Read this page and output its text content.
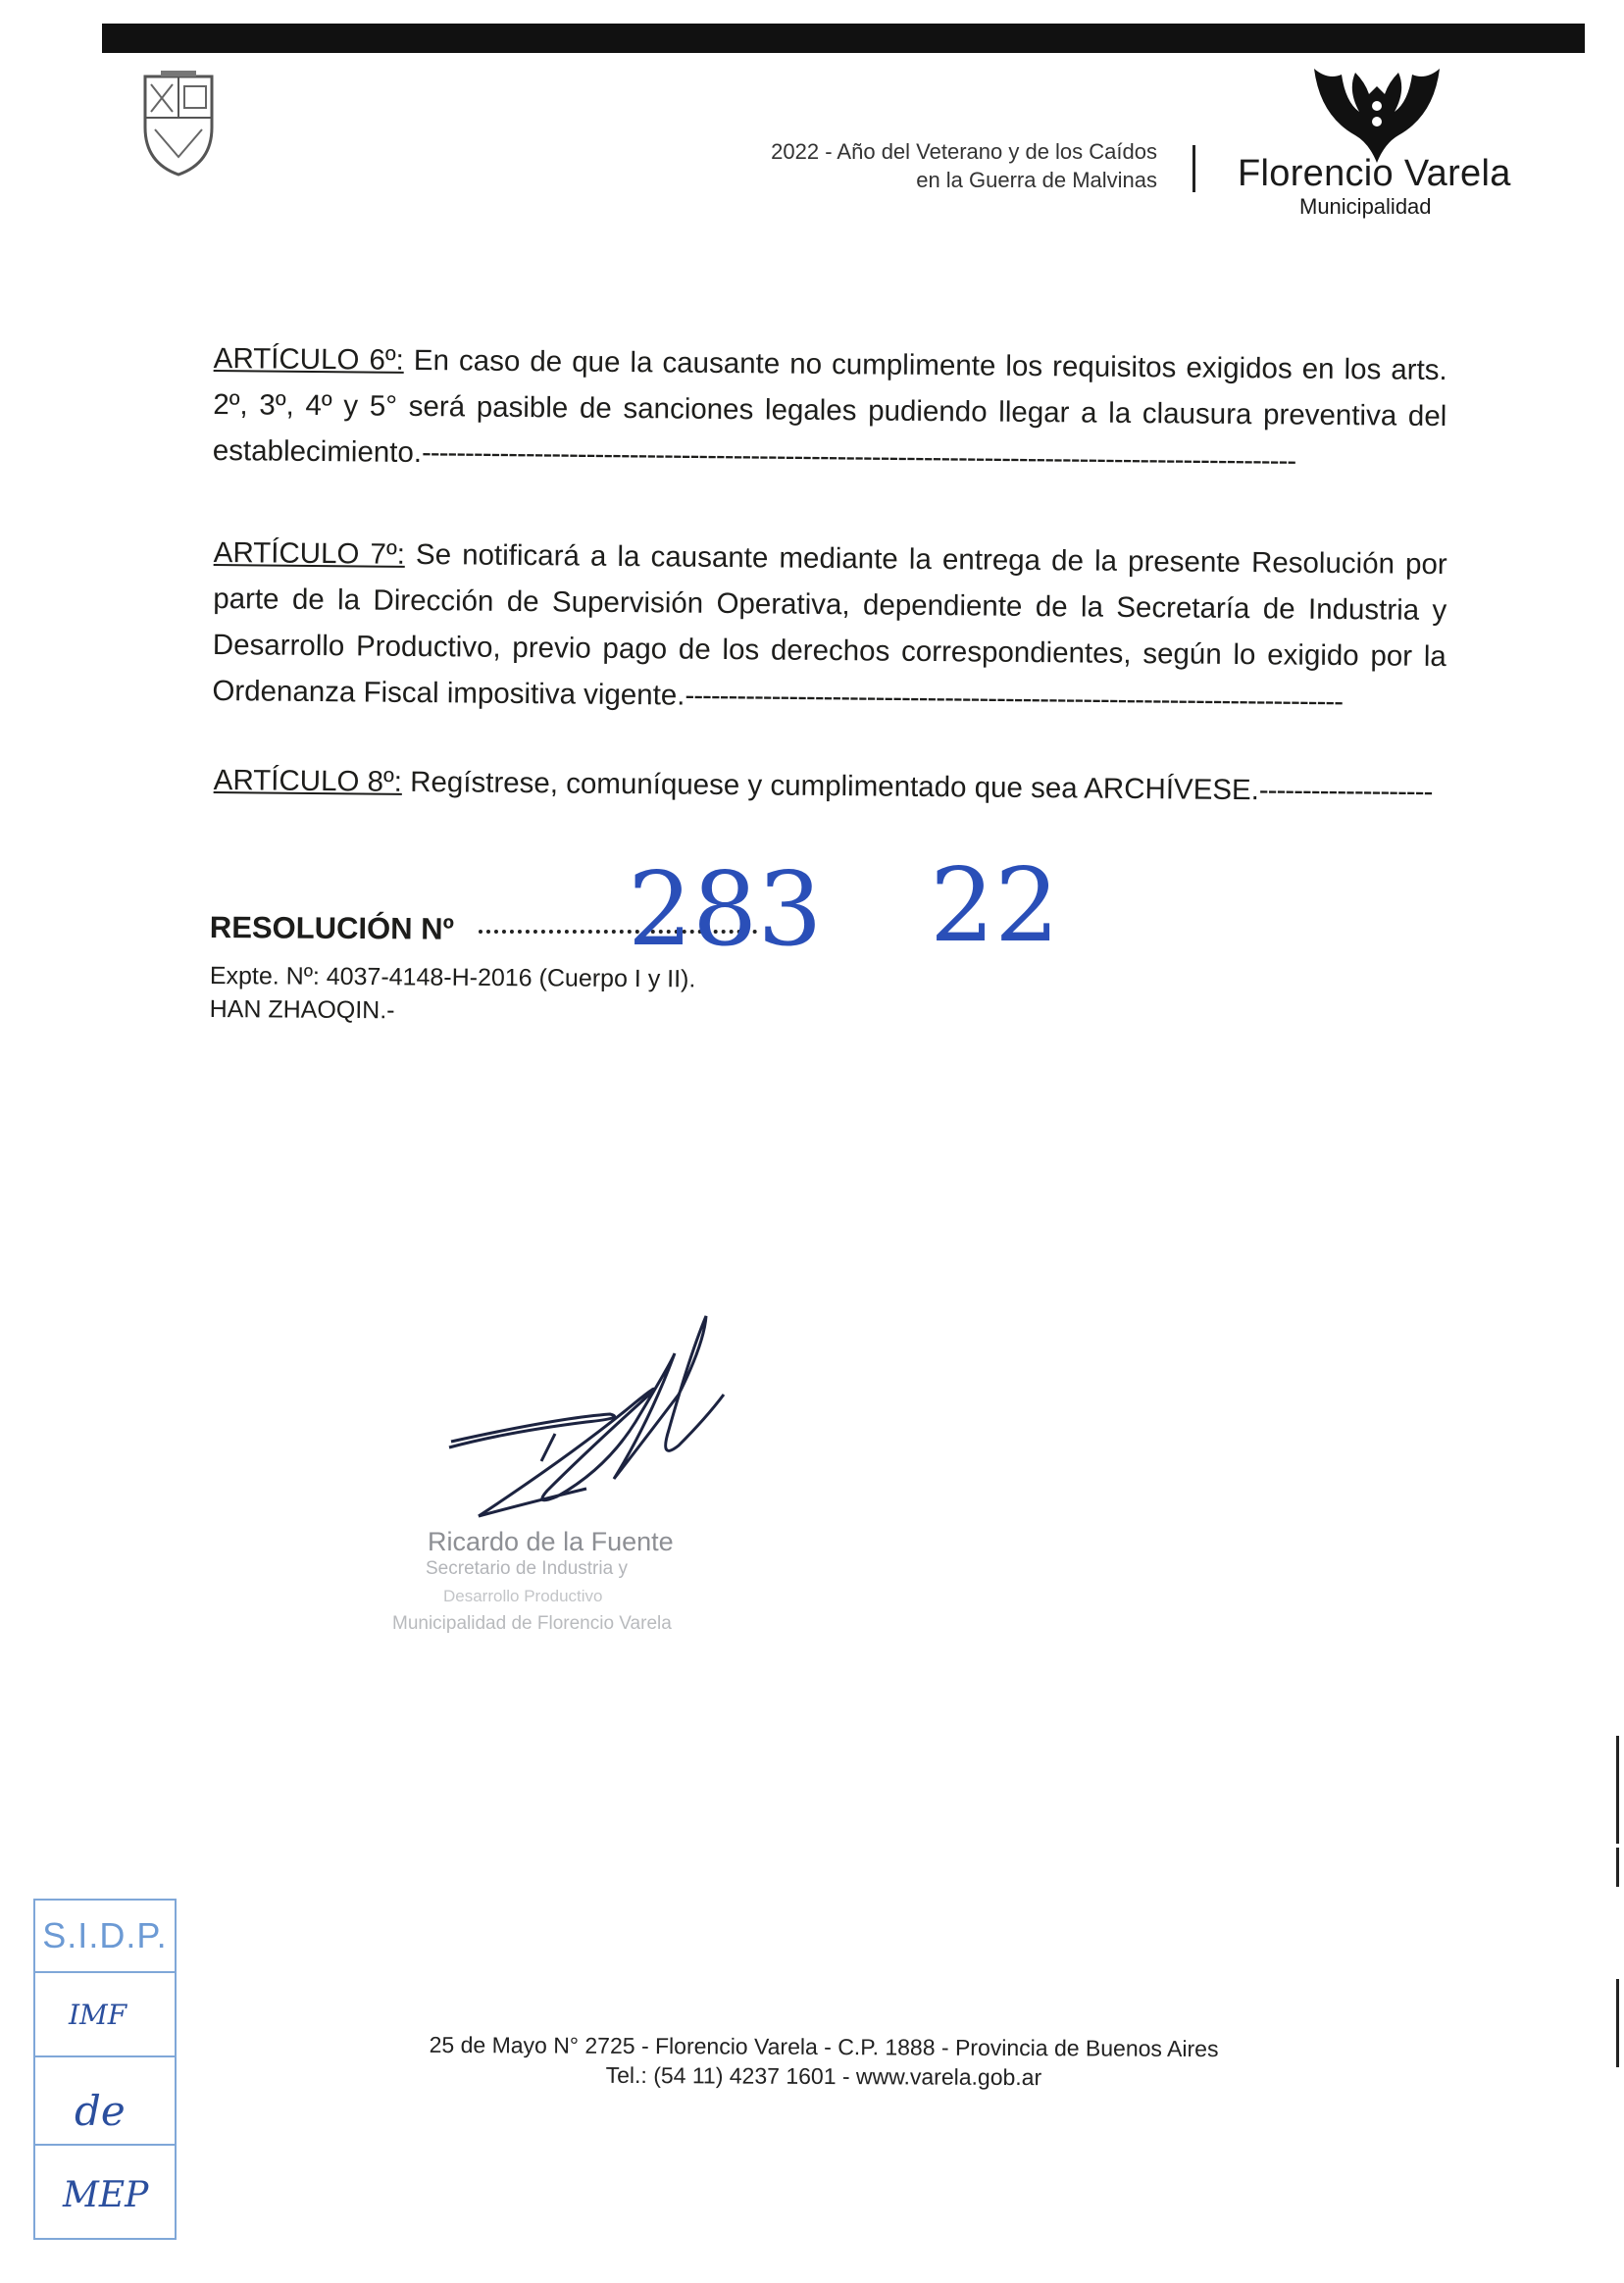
2022 - Año del Veterano y de los Caídos
en la Guerra de Malvinas Florencio Varela
Municipalidad
ARTÍCULO 6º: En caso de que la causante no cumplimente los requisitos exigidos en los arts. 2º, 3º, 4º y 5° será pasible de sanciones legales pudiendo llegar a la clausura preventiva del establecimiento.-----------------------------------------------------------------------------------------------------
ARTÍCULO 7º: Se notificará a la causante mediante la entrega de la presente Resolución por parte de la Dirección de Supervisión Operativa, dependiente de la Secretaría de Industria y Desarrollo Productivo, previo pago de los derechos correspondientes, según lo exigido por la Ordenanza Fiscal impositiva vigente.----------------------------------------------------------------------------
ARTÍCULO 8º: Regístrese, comuníquese y cumplimentado que sea ARCHÍVESE.--------------------
RESOLUCIÓN Nº 283 22
Expte. Nº: 4037-4148-H-2016 (Cuerpo I y II).
HAN ZHAOQIN.-
Ricardo de la Fuente
Secretario de Industria y
Desarrollo Productivo
Municipalidad de Florencio Varela
S.I.D.P.
IMF
de
MEP
25 de Mayo N° 2725 - Florencio Varela - C.P. 1888 - Provincia de Buenos Aires
Tel.: (54 11) 4237 1601 - www.varela.gob.ar
